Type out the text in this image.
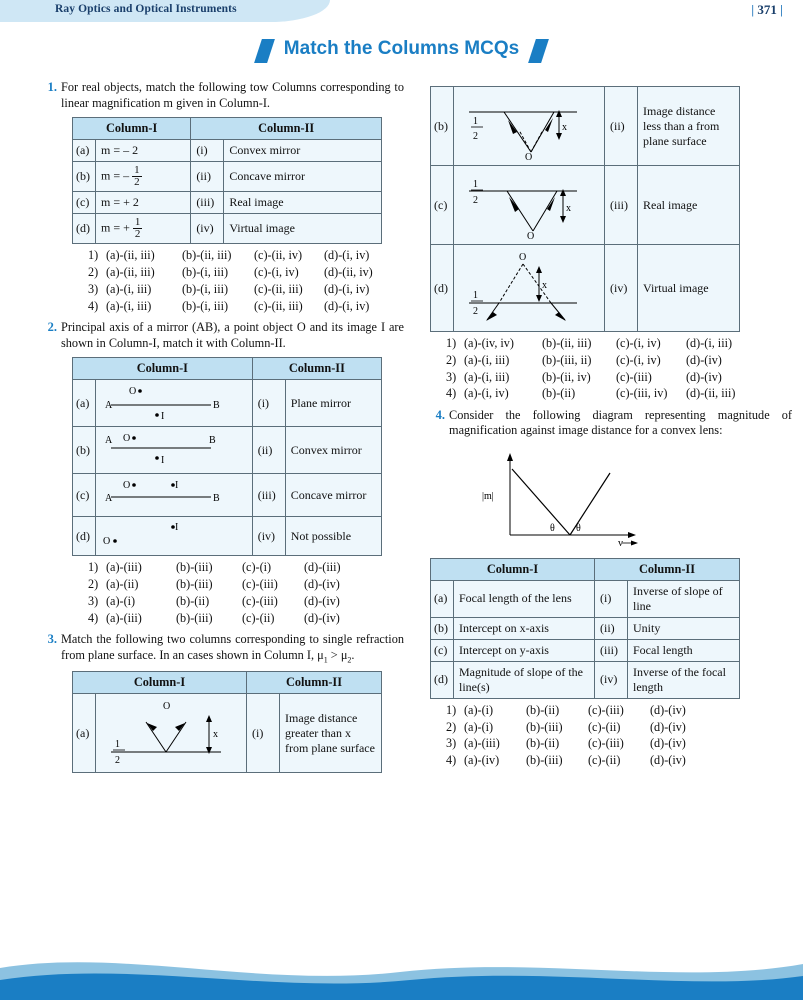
Ray Optics and Optical Instruments	| 371 |
Match the Columns MCQs
1. For real objects, match the following tow Columns corresponding to linear magnification m given in Column-I.
Column-I		Column-II	
(a)	m = – 2	(i)	Convex mirror
(b)	m = – $\frac{1}{2}$	(ii)	Concave mirror
(c)	m = + 2	(iii)	Real image
(d)	m = + $\frac{1}{2}$	(iv)	Virtual image
1) (a)-(ii, iii)	(b)-(ii, iii)	(c)-(ii, iv)	(d)-(i, iv)
2) (a)-(ii, iii)	(b)-(i, iii)	(c)-(i, iv)	(d)-(ii, iv)
3) (a)-(i, iii)	(b)-(i, iii)	(c)-(ii, iii)	(d)-(i, iv)
4) (a)-(i, iii)	(b)-(i, iii)	(c)-(ii, iii)	(d)-(i, iv)
2. Principal axis of a mirror (AB), a point object O and its image I are shown in Column-I, match it with Column-II.
Column-I		Column-II	
(a)	O
A B
I	(i)	Plane mirror
(b)	O
A B
I	(ii)	Convex mirror
(c)	O I
A B	(iii)	Concave mirror
(d)	I
O	(iv)	Not possible
1) (a)-(iii)	(b)-(iii)	(c)-(i)	(d)-(iii)
2) (a)-(ii)	(b)-(iii)	(c)-(iii)	(d)-(iv)
3) (a)-(i)	(b)-(ii)	(c)-(iii)	(d)-(iv)
4) (a)-(iii)	(b)-(iii)	(c)-(ii)	(d)-(iv)
3. Match the following two columns corresponding to single refraction from plane surface. In an cases shown in Column I, $\mu_1 > \mu_2$.
Column-I		Column-II	
(a)	O
x
1
2	(i)	Image distance greater than x from plane surface
(b)	1
2
O
x	(ii)	Image distance less than a from plane surface
(c)	1
2
O
x	(iii)	Real image
(d)	O
1
2
x	(iv)	Virtual image
1) (a)-(iv, iv)	(b)-(ii, iii)	(c)-(i, iv)	(d)-(i, iii)
2) (a)-(i, iii)	(b)-(iii, ii)	(c)-(i, iv)	(d)-(iv)
3) (a)-(i, iii)	(b)-(ii, iv)	(c)-(iii)	(d)-(iv)
4) (a)-(i, iv)	(b)-(ii)	(c)-(iii, iv)	(d)-(ii, iii)
4. Consider the following diagram representing magnitude of magnification against image distance for a convex lens:
|m|
v
θ θ
Column-I		Column-II	
(a)	Focal length of the lens	(i)	Inverse of slope of line
(b)	Intercept on x-axis	(ii)	Unity
(c)	Intercept on y-axis	(iii)	Focal length
(d)	Magnitude of slope of the line(s)	(iv)	Inverse of the focal length
1) (a)-(i)	(b)-(ii)	(c)-(iii)	(d)-(iv)
2) (a)-(i)	(b)-(iii)	(c)-(ii)	(d)-(iv)
3) (a)-(iii)	(b)-(ii)	(c)-(iii)	(d)-(iv)
4) (a)-(iv)	(b)-(iii)	(c)-(ii)	(d)-(iv)
